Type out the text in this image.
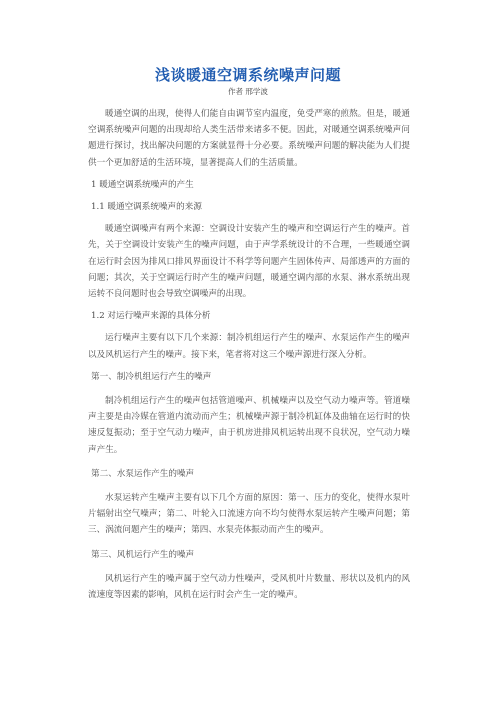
浅谈暖通空调系统噪声问题
作者 邢学波

暖通空调的出现，使得人们能自由调节室内温度，免受严寒的煎熬。但是，暖通空调系统噪声问题的出现却给人类生活带来诸多不便。因此，对暖通空调系统噪声问题进行探讨，找出解决问题的方案就显得十分必要。系统噪声问题的解决能为人们提供一个更加舒适的生活环境，显著提高人们的生活质量。

1 暖通空调系统噪声的产生

1.1 暖通空调系统噪声的来源

暖通空调噪声有两个来源：空调设计安装产生的噪声和空调运行产生的噪声。首先，关于空调设计安装产生的噪声问题，由于声学系统设计的不合理，一些暖通空调在运行时会因为排风口排风界面设计不科学等问题产生固体传声、局部透声的方面的问题；其次，关于空调运行时产生的噪声问题，暖通空调内部的水泵、淋水系统出现运转不良问题时也会导致空调噪声的出现。

1.2 对运行噪声来源的具体分析

运行噪声主要有以下几个来源：制冷机组运行产生的噪声、水泵运作产生的噪声以及风机运行产生的噪声。接下来，笔者将对这三个噪声源进行深入分析。

第一、制冷机组运行产生的噪声

制冷机组运行产生的噪声包括管道噪声、机械噪声以及空气动力噪声等。管道噪声主要是由冷媒在管道内流动而产生；机械噪声源于制冷机缸体及曲轴在运行时的快速反复振动；至于空气动力噪声，由于机房进排风机运转出现不良状况，空气动力噪声产生。

第二、水泵运作产生的噪声

水泵运转产生噪声主要有以下几个方面的原因：第一、压力的变化，使得水泵叶片辐射出空气噪声；第二、叶轮入口流速方向不均匀使得水泵运转产生噪声问题；第三、涡流问题产生的噪声；第四、水泵壳体振动而产生的噪声。

第三、风机运行产生的噪声

风机运行产生的噪声属于空气动力性噪声，受风机叶片数量、形状以及机内的风流速度等因素的影响，风机在运行时会产生一定的噪声。
